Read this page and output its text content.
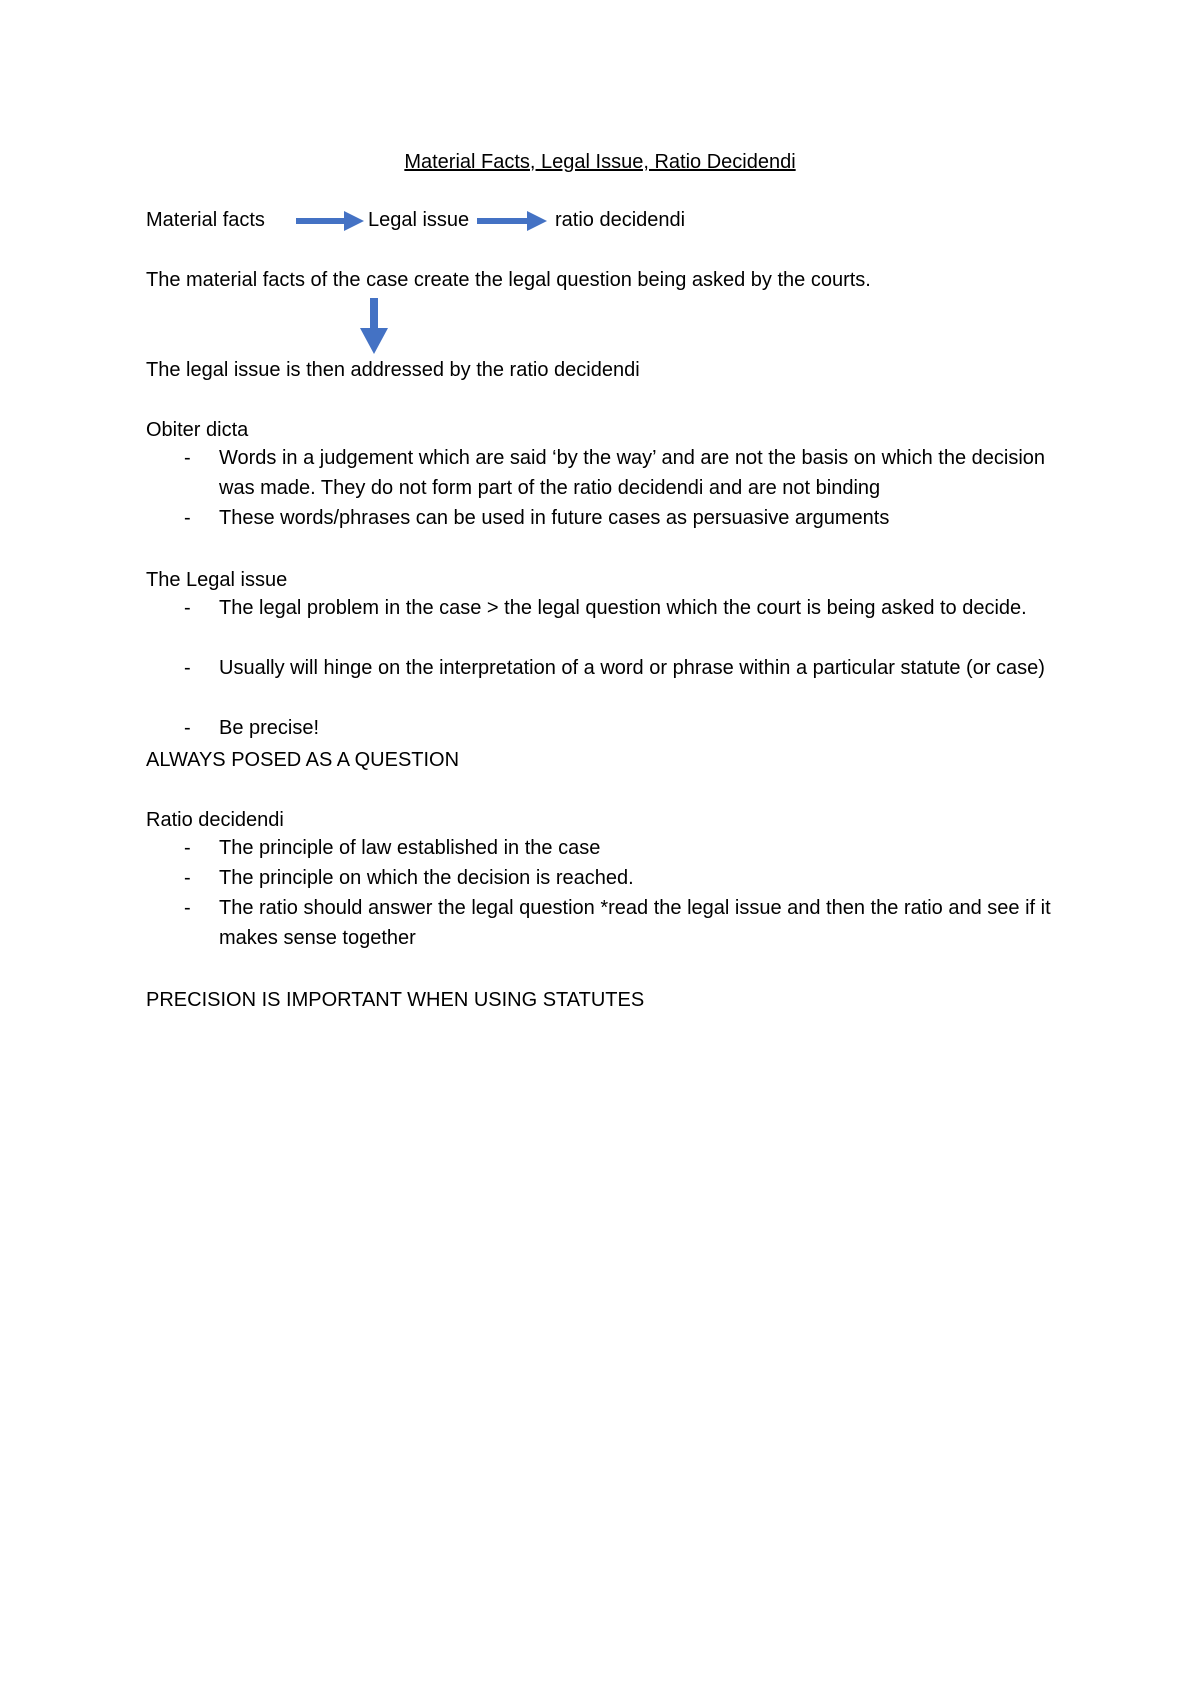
Material Facts, Legal Issue, Ratio Decidendi
Material facts	Legal issue	ratio decidendi
The material facts of the case create the legal question being asked by the courts.
The legal issue is then addressed by the ratio decidendi
Obiter dicta
- Words in a judgement which are said ‘by the way’ and are not the basis on which the decision was made. They do not form part of the ratio decidendi and are not binding
- These words/phrases can be used in future cases as persuasive arguments
The Legal issue
- The legal problem in the case > the legal question which the court is being asked to decide.
- Usually will hinge on the interpretation of a word or phrase within a particular statute (or case)
- Be precise!
ALWAYS POSED AS A QUESTION
Ratio decidendi
- The principle of law established in the case
- The principle on which the decision is reached.
- The ratio should answer the legal question *read the legal issue and then the ratio and see if it makes sense together
PRECISION IS IMPORTANT WHEN USING STATUTES
